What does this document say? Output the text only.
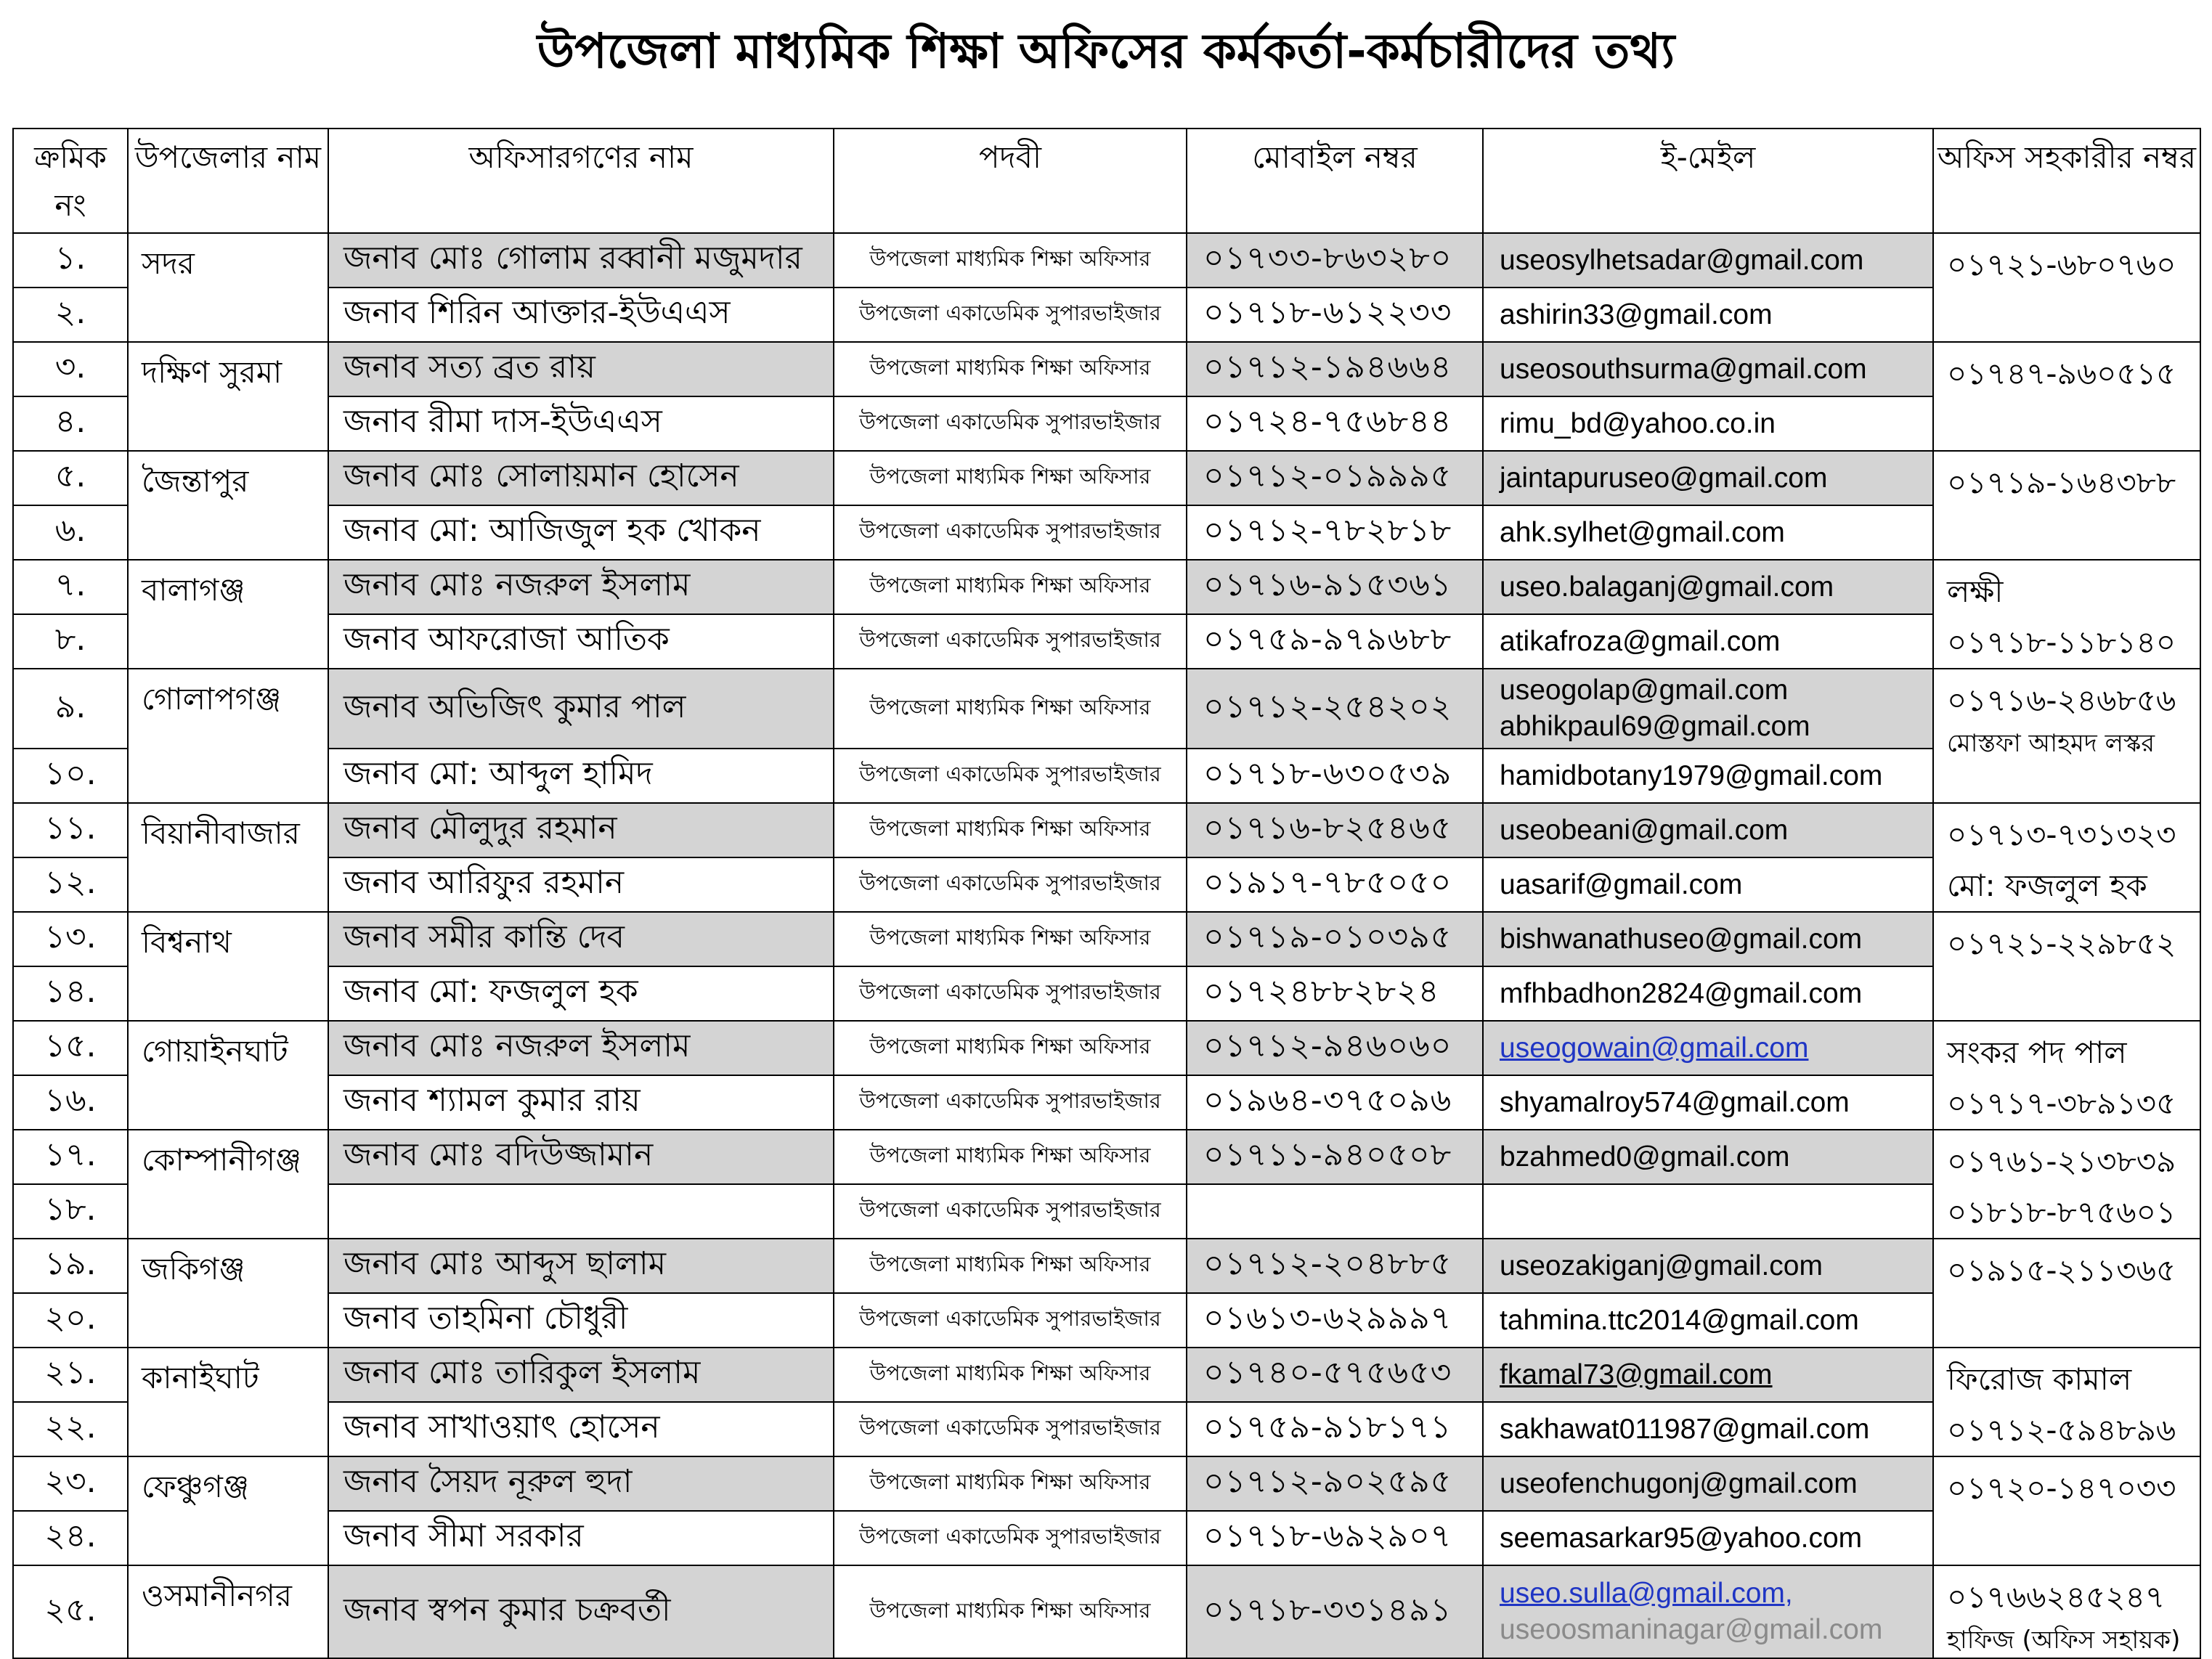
উপজেলা মাধ্যমিক শিক্ষা অফিসের কর্মকর্তা-কর্মচারীদের তথ্য
ক্রমিক নং	উপজেলার নাম	অফিসারগণের নাম	পদবী	মোবাইল নম্বর	ই-মেইল	অফিস সহকারীর নম্বর
১.	সদর	জনাব মোঃ গোলাম রব্বানী মজুমদার	উপজেলা মাধ্যমিক শিক্ষা অফিসার	০১৭৩৩-৮৬৩২৮০	useosylhetsadar@gmail.com	০১৭২১-৬৮০৭৬০

২.		জনাব শিরিন আক্তার-ইউএএস	উপজেলা একাডেমিক সুপারভাইজার	০১৭১৮-৬১২২৩৩	ashirin33@gmail.com	

৩.	দক্ষিণ সুরমা	জনাব সত্য ব্রত রায়	উপজেলা মাধ্যমিক শিক্ষা অফিসার	০১৭১২-১৯৪৬৬৪	useosouthsurma@gmail.com	০১৭৪৭-৯৬০৫১৫

৪.		জনাব রীমা দাস-ইউএএস	উপজেলা একাডেমিক সুপারভাইজার	০১৭২৪-৭৫৬৮৪৪	rimu_bd@yahoo.co.in	

৫.	জৈন্তাপুর	জনাব মোঃ সোলায়মান হোসেন	উপজেলা মাধ্যমিক শিক্ষা অফিসার	০১৭১২-০১৯৯৯৫	jaintapuruseo@gmail.com	০১৭১৯-১৬৪৩৮৮

৬.		জনাব মো: আজিজুল হক খোকন	উপজেলা একাডেমিক সুপারভাইজার	০১৭১২-৭৮২৮১৮	ahk.sylhet@gmail.com	

৭.	বালাগঞ্জ	জনাব মোঃ নজরুল ইসলাম	উপজেলা মাধ্যমিক শিক্ষা অফিসার	০১৭১৬-৯১৫৩৬১	useo.balaganj@gmail.com	লক্ষী
০১৭১৮-১১৮১৪০

৮.		জনাব আফরোজা আতিক	উপজেলা একাডেমিক সুপারভাইজার	০১৭৫৯-৯৭৯৬৮৮	atikafroza@gmail.com	

৯.	গোলাপগঞ্জ	জনাব অভিজিৎ কুমার পাল	উপজেলা মাধ্যমিক শিক্ষা অফিসার	০১৭১২-২৫৪২০২	useogolap@gmail.com
abhikpaul69@gmail.com	০১৭১৬-২৪৬৮৫৬
মোস্তফা আহমদ লস্কর

১০.		জনাব মো: আব্দুল হামিদ	উপজেলা একাডেমিক সুপারভাইজার	০১৭১৮-৬৩০৫৩৯	hamidbotany1979@gmail.com	

১১.	বিয়ানীবাজার	জনাব মৌলুদুর রহমান	উপজেলা মাধ্যমিক শিক্ষা অফিসার	০১৭১৬-৮২৫৪৬৫	useobeani@gmail.com	০১৭১৩-৭৩১৩২৩
মো: ফজলুল হক

১২.		জনাব আরিফুর রহমান	উপজেলা একাডেমিক সুপারভাইজার	০১৯১৭-৭৮৫০৫০	uasarif@gmail.com	

১৩.	বিশ্বনাথ	জনাব সমীর কান্তি দেব	উপজেলা মাধ্যমিক শিক্ষা অফিসার	০১৭১৯-০১০৩৯৫	bishwanathuseo@gmail.com	০১৭২১-২২৯৮৫২

১৪.		জনাব মো: ফজলুল হক	উপজেলা একাডেমিক সুপারভাইজার	০১৭২৪৮৮২৮২৪	mfhbadhon2824@gmail.com	

১৫.	গোয়াইনঘাট	জনাব মোঃ নজরুল ইসলাম	উপজেলা মাধ্যমিক শিক্ষা অফিসার	০১৭১২-৯৪৬০৬০	useogowain@gmail.com	সংকর পদ পাল
০১৭১৭-৩৮৯১৩৫

১৬.		জনাব শ্যামল কুমার রায়	উপজেলা একাডেমিক সুপারভাইজার	০১৯৬৪-৩৭৫০৯৬	shyamalroy574@gmail.com	

১৭.	কোম্পানীগঞ্জ	জনাব মোঃ বদিউজ্জামান	উপজেলা মাধ্যমিক শিক্ষা অফিসার	০১৭১১-৯৪০৫০৮	bzahmed0@gmail.com	০১৭৬১-২১৩৮৩৯
০১৮১৮-৮৭৫৬০১

১৮.			উপজেলা একাডেমিক সুপারভাইজার			
১৯.	জকিগঞ্জ	জনাব মোঃ আব্দুস ছালাম	উপজেলা মাধ্যমিক শিক্ষা অফিসার	০১৭১২-২০৪৮৮৫	useozakiganj@gmail.com	০১৯১৫-২১১৩৬৫

২০.		জনাব তাহমিনা চৌধুরী	উপজেলা একাডেমিক সুপারভাইজার	০১৬১৩-৬২৯৯৯৭	tahmina.ttc2014@gmail.com	

২১.	কানাইঘাট	জনাব মোঃ তারিকুল ইসলাম	উপজেলা মাধ্যমিক শিক্ষা অফিসার	০১৭৪০-৫৭৫৬৫৩	fkamal73@gmail.com	ফিরোজ কামাল
০১৭১২-৫৯৪৮৯৬

২২.		জনাব সাখাওয়াৎ হোসেন	উপজেলা একাডেমিক সুপারভাইজার	০১৭৫৯-৯১৮১৭১	sakhawat011987@gmail.com	

২৩.	ফেঞ্চুগঞ্জ	জনাব সৈয়দ নূরুল হুদা	উপজেলা মাধ্যমিক শিক্ষা অফিসার	০১৭১২-৯০২৫৯৫	useofenchugonj@gmail.com	০১৭২০-১৪৭০৩৩

২৪.		জনাব সীমা সরকার	উপজেলা একাডেমিক সুপারভাইজার	০১৭১৮-৬৯২৯০৭	seemasarkar95@yahoo.com	

২৫.	ওসমানীনগর	জনাব স্বপন কুমার চক্রবর্তী	উপজেলা মাধ্যমিক শিক্ষা অফিসার	০১৭১৮-৩৩১৪৯১	useo.sulla@gmail.com,
useoosmaninagar@gmail.com	০১৭৬৬২৪৫২৪৭
হাফিজ (অফিস সহায়ক)
